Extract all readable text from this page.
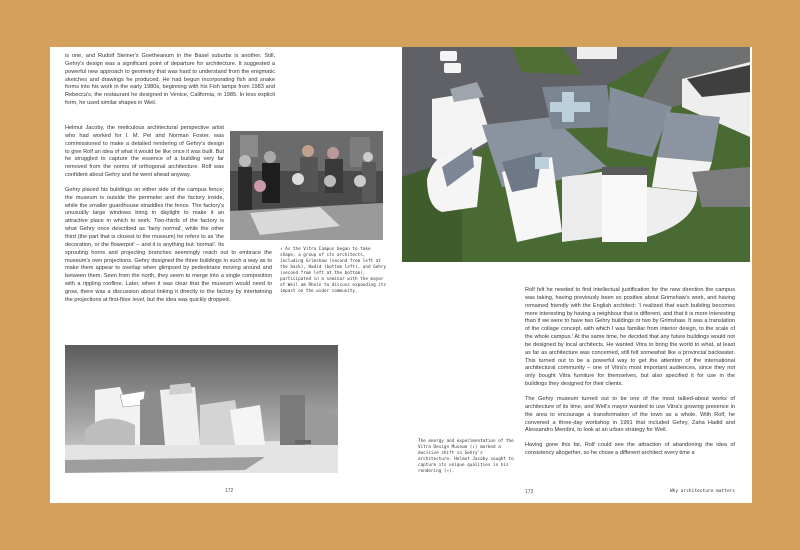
is one, and Rudolf Steiner's Goetheanum in the Basel suburbs is another. Still, Gehry's design was a significant point of departure for architecture. It suggested a powerful new approach to geometry that was hard to understand from the enigmatic sketches and drawings he produced. He had begun incorporating fish and snake forms into his work in the early 1980s, beginning with his Fish lamps from 1983 and Rebecca's, the restaurant he designed in Venice, California, in 1985. In less explicit form, he used similar shapes in Weil.

↑ As the Vitra Campus began to take shape, a group of its architects, including Grimshaw (second from left at the back), Hadid (bottom left), and Gehry (second from left at the bottom), participated in a seminar with the mayor of Weil am Rhein to discuss expanding its impact on the wider community.

Helmut Jacoby, the meticulous architectural perspective artist who had worked for I. M. Pei and Norman Foster, was commissioned to make a detailed rendering of Gehry's design to give Rolf an idea of what it would be like once it was built. But he struggled to capture the essence of a building very far removed from the norms of orthogonal architecture. Rolf was confident about Gehry and he went ahead anyway.

Gehry placed his buildings on either side of the campus fence; the museum is outside the perimeter and the factory inside, while the smaller guardhouse straddles the fence. The factory's unusually large windows bring in daylight to make it an attractive place in which to work. Two-thirds of the factory is what Gehry once described as 'fairly normal', while the other third (the part that is closest to the museum) he refers to as 'the decoration, or the flowerpot' – and it is anything but 'normal'. Its sprouting horns and projecting branches seemingly reach out to embrace the museum's own projections. Gehry designed the three buildings in such a way as to make them appear to overlap when glimpsed by pedestrians moving around and between them. Seen from the north, they seem to merge into a single composition with a rippling roofline. Later, when it was clear that the museum would need to grow, there was a discussion about linking it directly to the factory by intertwining the projections at first-floor level, but the idea was quickly dropped.

172

Rolf felt he needed to find intellectual justification for the new direction the campus was taking, having previously been so positive about Grimshaw's work, and having remained friendly with the English architect: 'I realized that each building becomes more interesting by having a neighbour that is different, and that it is more interesting than if we were to have two Gehry buildings or two by Grimshaw. It was a translation of the collage concept, with which I was familiar from interior design, to the scale of the whole campus.' At the same time, he decided that any future buildings would not be designed by local architects. He wanted Vitra to bring the world to what, at least as far as architecture was concerned, still felt somewhat like a provincial backwater. This turned out to be a powerful way to get the attention of the international architectural community – one of Vitra's most important audiences, since they not only bought Vitra furniture for themselves, but also specified it for use in the buildings they designed for their clients.

The Gehry museum turned out to be one of the most talked-about works of architecture of its time, and Weil's mayor wanted to use Vitra's growing presence in the area to encourage a transformation of the town as a whole. With Rolf, he convened a three-day workshop in 1991 that included Gehry, Zaha Hadid and Alessandro Mendini, to look at an urban strategy for Weil.

Having gone this far, Rolf could see the attraction of abandoning the idea of consistency altogether, so he chose a different architect every time a

The energy and experimentation of the Vitra Design Museum (↑) marked a decisive shift in Gehry's architecture. Helmut Jacoby sought to capture its unique qualities in his rendering (←).
173	Why architecture matters
